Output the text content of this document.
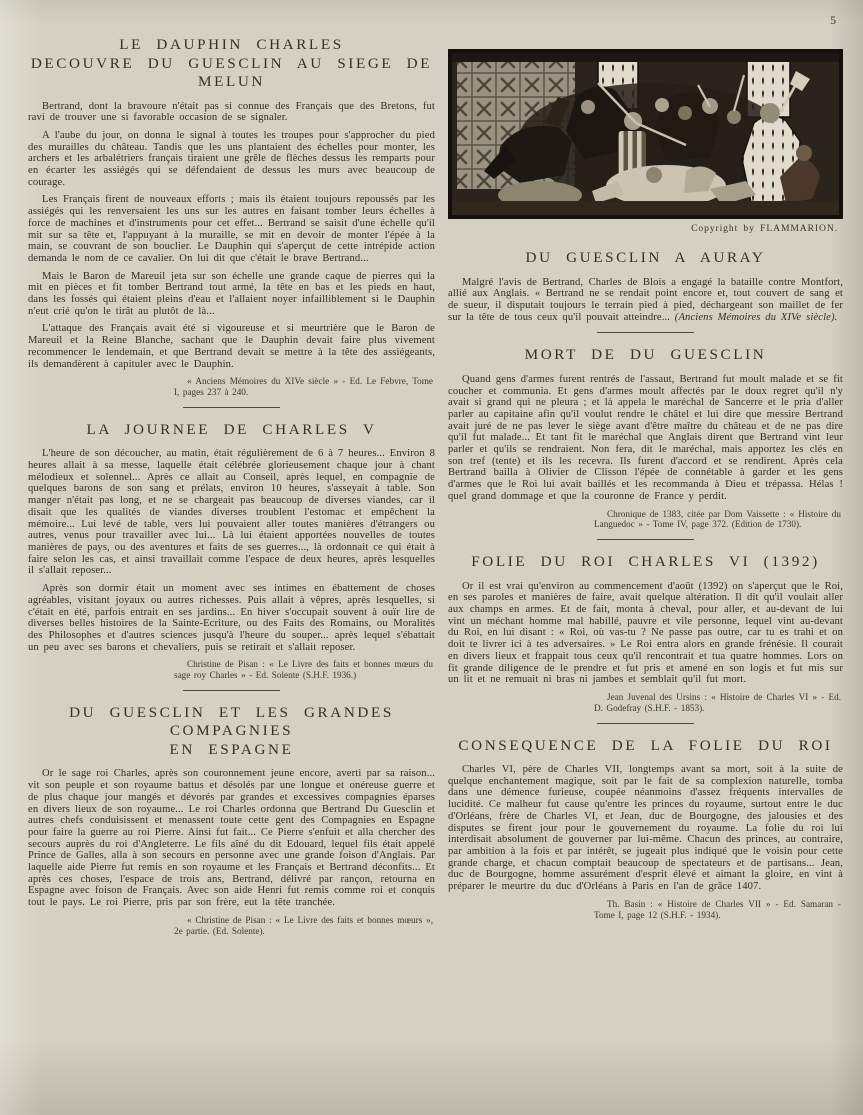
5
LE DAUPHIN CHARLES
DECOUVRE DU GUESCLIN AU SIEGE DE MELUN

Bertrand, dont la bravoure n'était pas si connue des Français que des Bretons, fut ravi de trouver une si favorable occasion de se signaler.

A l'aube du jour, on donna le signal à toutes les troupes pour s'approcher du pied des murailles du château. Tandis que les uns plantaient des échelles pour monter, les archers et les arbalétriers français tiraient une grêle de flèches dessus les remparts pour en écarter les assiégés qui se défendaient de dessus les murs avec beaucoup de courage.

Les Français firent de nouveaux efforts ; mais ils étaient toujours repoussés par les assiégés qui les renversaient les uns sur les autres en faisant tomber leurs échelles à force de machines et d'instruments pour cet effet... Bertrand se saisit d'une échelle qu'il mit sur sa tête et, l'appuyant à la muraille, se mit en devoir de monter l'épée à la main, se couvrant de son bouclier. Le Dauphin qui s'aperçut de cette intrépide action demanda le nom de ce cavalier. On lui dit que c'était le brave Bertrand...

Mais le Baron de Mareuil jeta sur son échelle une grande caque de pierres qui la mit en pièces et fit tomber Bertrand tout armé, la tête en bas et les pieds en haut, dans les fossés qui étaient pleins d'eau et l'allaient noyer infailliblement si le Dauphin n'eut crié qu'on le tirât au plutôt de là...

L'attaque des Français avait été si vigoureuse et si meurtrière que le Baron de Mareuil et la Reine Blanche, sachant que le Dauphin devait faire plus vivement recommencer le lendemain, et que Bertrand devait se mettre à la tête des assiégeants, ils demandèrent à capituler avec le Dauphin.

« Anciens Mémoires du XIVe siècle » - Ed. Le Febvre, Tome I, pages 237 à 240.
LA JOURNEE DE CHARLES V

L'heure de son découcher, au matin, était régulièrement de 6 à 7 heures... Environ 8 heures allait à sa messe, laquelle était célébrée glorieusement chaque jour à chant mélodieux et solennel... Après ce allait au Conseil, après lequel, en compagnie de quelques barons de son sang et prélats, environ 10 heures, s'asseyait à table. Son manger n'était pas long, et ne se chargeait pas beaucoup de diverses viandes, car il disait que les qualités de viandes diverses troublent l'estomac et empêchent la mémoire... Lui levé de table, vers lui pouvaient aller toutes manières d'étrangers ou autres, venus pour travailler avec lui... Là lui étaient apportées nouvelles de toutes manières de pays, ou des aventures et faits de ses guerres..., là ordonnait ce qui était à faire selon les cas, et ainsi travaillait comme l'espace de deux heures, après lesquelles il s'allait reposer...

Après son dormir était un moment avec ses intimes en ébattement de choses agréables, visitant joyaux ou autres richesses. Puis allait à vêpres, après lesquelles, si c'était en été, parfois entrait en ses jardins... En hiver s'occupait souvent à ouïr lire de diverses belles histoires de la Sainte-Ecriture, ou des Faits des Romains, ou Moralités des Philosophes et d'autres sciences jusqu'à l'heure du souper... après lequel s'ébattait un peu avec ses barons et chevaliers, puis se retirait et s'allait reposer.

Christine de Pisan : « Le Livre des faits et bonnes mœurs du sage roy Charles » - Ed. Solente (S.H.F. 1936.)
DU GUESCLIN ET LES GRANDES COMPAGNIES
EN ESPAGNE

Or le sage roi Charles, après son couronnement jeune encore, averti par sa raison... vit son peuple et son royaume battus et désolés par une longue et onéreuse guerre et de plus chaque jour mangés et dévorés par grandes et excessives compagnies éparses en divers lieux de son royaume... Le roi Charles ordonna que Bertrand Du Guesclin et autres chefs conduisissent et menassent toute cette gent des Compagnies en Espagne pour faire la guerre au roi Pierre. Ainsi fut fait... Ce Pierre s'enfuit et alla chercher des secours auprès du roi d'Angleterre. Le fils aîné du dit Edouard, lequel fils était appelé Prince de Galles, alla à son secours en personne avec une grande foison d'Anglais. Par laquelle aide Pierre fut remis en son royaume et les Français et Bertrand déconfits... Et après ces choses, l'espace de trois ans, Bertrand, délivré par rançon, retourna en Espagne avec foison de Français. Avec son aide Henri fut remis comme roi et conquis tout le pays. Le roi Pierre, pris par son frère, eut la tête tranchée.

« Christine de Pisan : « Le Livre des faits et bonnes mœurs », 2e partie. (Ed. Solente).
Copyright by FLAMMARION.
DU GUESCLIN A AURAY

Malgré l'avis de Bertrand, Charles de Blois a engagé la bataille contre Montfort, allié aux Anglais. « Bertrand ne se rendait point encore et, tout couvert de sang et de sueur, il disputait toujours le terrain pied à pied, déchargeant son maillet de fer sur la tête de tous ceux qu'il pouvait atteindre... (Anciens Mémoires du XIVe siècle).

MORT DE DU GUESCLIN

Quand gens d'armes furent rentrés de l'assaut, Bertrand fut moult malade et se fit coucher et communia. Et gens d'armes moult affectés par le doux regret qu'il n'y avait si grand qui ne pleura ; et là appela le maréchal de Sancerre et le pria d'aller parler au capitaine afin qu'il voulut rendre le châtel et lui dire que messire Bertrand avait juré de ne pas lever le siège avant d'être maître du château et de ne pas dire qu'il fut malade... Et tant fit le maréchal que Anglais dirent que Bertrand vint leur parler et qu'ils se rendraient. Non fera, dit le maréchal, mais apportez les clés en son tref (tente) et ils les recevra. Ils furent d'accord et se rendirent. Après cela Bertrand bailla à Olivier de Clisson l'épée de connétable à garder et les gens d'armes que le Roi lui avait baillés et les recommanda à Dieu et trépassa. Hélas ! quel grand dommage et que la couronne de France y perdit.

Chronique de 1383, citée par Dom Vaissette : « Histoire du Languedoc » - Tome IV, page 372. (Edition de 1730).
FOLIE DU ROI CHARLES VI (1392)

Or il est vrai qu'environ au commencement d'août (1392) on s'aperçut que le Roi, en ses paroles et manières de faire, avait quelque altération. Il dit qu'il voulait aller aux champs en armes. Et de fait, monta à cheval, pour aller, et au-devant de lui vint un méchant homme mal habillé, pauvre et vile personne, lequel vint au-devant du Roi, en lui disant : « Roi, où vas-tu ? Ne passe pas outre, car tu es trahi et on doit te livrer ici à tes adversaires. » Le Roi entra alors en grande frénésie. Il courait en divers lieux et frappait tous ceux qu'il rencontrait et tua quatre hommes. Lors on fit grande diligence de le prendre et fut pris et amené en son logis et fut mis sur un lit et ne remuait ni bras ni jambes et semblait qu'il fut mort.

Jean Juvenal des Ursins : « Histoire de Charles VI » - Ed. D. Godefray (S.H.F. - 1853).
CONSEQUENCE DE LA FOLIE DU ROI

Charles VI, père de Charles VII, longtemps avant sa mort, soit à la suite de quelque enchantement magique, soit par le fait de sa complexion naturelle, tomba dans une démence furieuse, coupée néanmoins d'assez fréquents intervalles de lucidité. Ce malheur fut cause qu'entre les princes du royaume, surtout entre le duc d'Orléans, frère de Charles VI, et Jean, duc de Bourgogne, des jalousies et des disputes se firent jour pour le gouvernement du royaume. La folie du roi lui interdisait absolument de gouverner par lui-même. Chacun des princes, au contraire, par ambition à la fois et par intérêt, se jugeait plus indiqué que le voisin pour cette grande charge, et chacun comptait beaucoup de spectateurs et de partisans... Jean, duc de Bourgogne, homme assurément d'esprit élevé et aimant la gloire, en vint à préparer le meurtre du duc d'Orléans à Paris en l'an de grâce 1407.

Th. Basin : « Histoire de Charles VII » - Ed. Samaran - Tome I, page 12 (S.H.F. - 1934).
